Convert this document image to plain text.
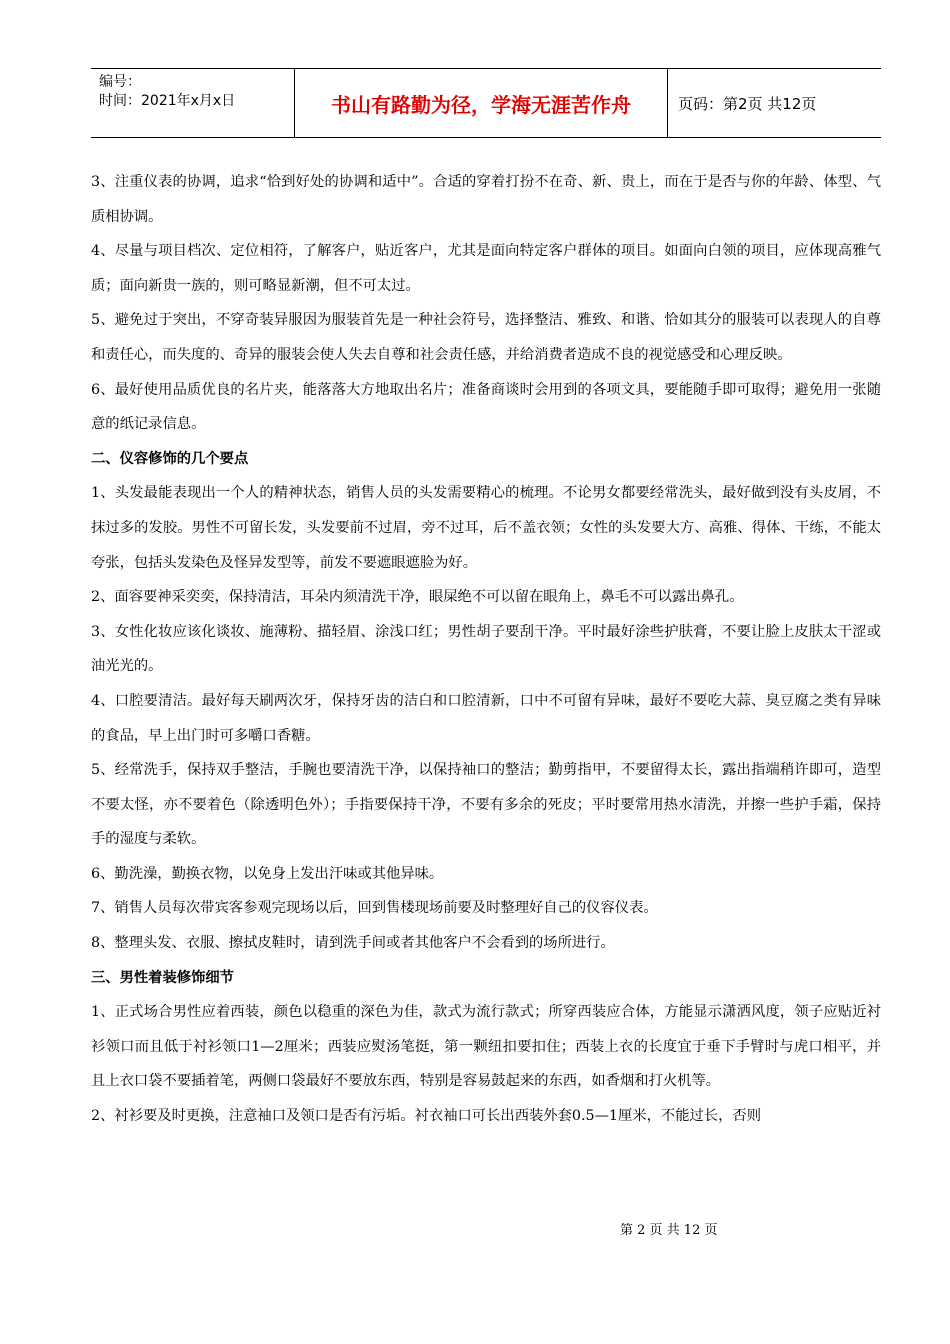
编号：
时间：2021年x月x日	书山有路勤为径，学海无涯苦作舟	页码：第2页 共12页

3、注重仪表的协调，追求“恰到好处的协调和适中”。合适的穿着打扮不在奇、新、贵上，而在于是否与你的年龄、体型、气质相协调。

4、尽量与项目档次、定位相符，了解客户，贴近客户，尤其是面向特定客户群体的项目。如面向白领的项目，应体现高雅气质；面向新贵一族的，则可略显新潮，但不可太过。

5、避免过于突出，不穿奇装异服因为服装首先是一种社会符号，选择整洁、雅致、和谐、恰如其分的服装可以表现人的自尊和责任心，而失度的、奇异的服装会使人失去自尊和社会责任感，并给消费者造成不良的视觉感受和心理反映。

6、最好使用品质优良的名片夹，能落落大方地取出名片；准备商谈时会用到的各项文具，要能随手即可取得；避免用一张随意的纸记录信息。

二、仪容修饰的几个要点

1、头发最能表现出一个人的精神状态，销售人员的头发需要精心的梳理。不论男女都要经常洗头，最好做到没有头皮屑，不抹过多的发胶。男性不可留长发，头发要前不过眉，旁不过耳，后不盖衣领；女性的头发要大方、高雅、得体、干练，不能太夸张，包括头发染色及怪异发型等，前发不要遮眼遮脸为好。

2、面容要神采奕奕，保持清洁，耳朵内须清洗干净，眼屎绝不可以留在眼角上，鼻毛不可以露出鼻孔。

3、女性化妆应该化谈妆、施薄粉、描轻眉、涂浅口红；男性胡子要刮干净。平时最好涂些护肤膏，不要让脸上皮肤太干涩或油光光的。

4、口腔要清洁。最好每天刷两次牙，保持牙齿的洁白和口腔清新，口中不可留有异味，最好不要吃大蒜、臭豆腐之类有异味的食品，早上出门时可多嚼口香糖。

5、经常洗手，保持双手整洁，手腕也要清洗干净，以保持袖口的整洁；勤剪指甲，不要留得太长，露出指端稍许即可，造型不要太怪，亦不要着色（除透明色外）；手指要保持干净，不要有多余的死皮；平时要常用热水清洗，并擦一些护手霜，保持手的湿度与柔软。

6、勤洗澡，勤换衣物，以免身上发出汗味或其他异味。

7、销售人员每次带宾客参观完现场以后，回到售楼现场前要及时整理好自己的仪容仪表。

8、整理头发、衣服、擦拭皮鞋时，请到洗手间或者其他客户不会看到的场所进行。

三、男性着装修饰细节

1、正式场合男性应着西装，颜色以稳重的深色为佳，款式为流行款式；所穿西装应合体，方能显示潇洒风度，领子应贴近衬衫领口而且低于衬衫领口1—2厘米；西装应熨汤笔挺，第一颗纽扣要扣住；西装上衣的长度宜于垂下手臂时与虎口相平，并且上衣口袋不要插着笔，两侧口袋最好不要放东西，特别是容易鼓起来的东西，如香烟和打火机等。

2、衬衫要及时更换，注意袖口及领口是否有污垢。衬衣袖口可长出西装外套0.5—1厘米，不能过长，否则

第 2 页 共 12 页
